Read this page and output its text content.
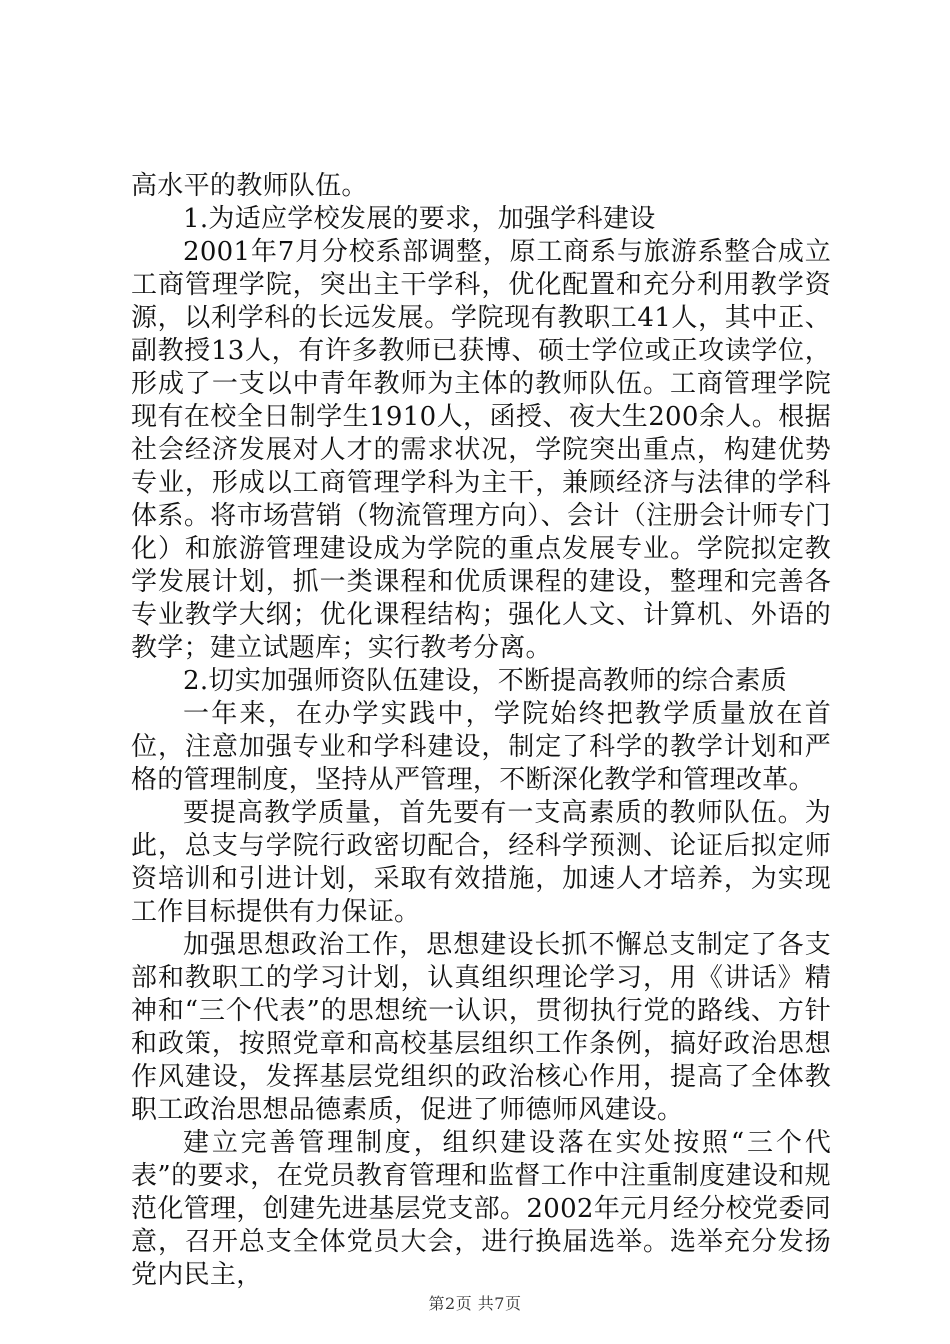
高水平的教师队伍。

1.为适应学校发展的要求，加强学科建设

2001年7月分校系部调整，原工商系与旅游系整合成立工商管理学院，突出主干学科，优化配置和充分利用教学资源，以利学科的长远发展。学院现有教职工41人，其中正、副教授13人，有许多教师已获博、硕士学位或正攻读学位，形成了一支以中青年教师为主体的教师队伍。工商管理学院现有在校全日制学生1910人，函授、夜大生200余人。根据社会经济发展对人才的需求状况，学院突出重点，构建优势专业，形成以工商管理学科为主干，兼顾经济与法律的学科体系。将市场营销（物流管理方向）、会计（注册会计师专门化）和旅游管理建设成为学院的重点发展专业。学院拟定教学发展计划，抓一类课程和优质课程的建设，整理和完善各专业教学大纲；优化课程结构；强化人文、计算机、外语的教学；建立试题库；实行教考分离。

2.切实加强师资队伍建设，不断提高教师的综合素质

一年来，在办学实践中，学院始终把教学质量放在首位，注意加强专业和学科建设，制定了科学的教学计划和严格的管理制度，坚持从严管理，不断深化教学和管理改革。

要提高教学质量，首先要有一支高素质的教师队伍。为此，总支与学院行政密切配合，经科学预测、论证后拟定师资培训和引进计划，采取有效措施，加速人才培养，为实现工作目标提供有力保证。

加强思想政治工作，思想建设长抓不懈总支制定了各支部和教职工的学习计划，认真组织理论学习，用《讲话》精神和“三个代表”的思想统一认识，贯彻执行党的路线、方针和政策，按照党章和高校基层组织工作条例，搞好政治思想作风建设，发挥基层党组织的政治核心作用，提高了全体教职工政治思想品德素质，促进了师德师风建设。

建立完善管理制度，组织建设落在实处按照“三个代表”的要求，在党员教育管理和监督工作中注重制度建设和规范化管理，创建先进基层党支部。2002年元月经分校党委同意，召开总支全体党员大会，进行换届选举。选举充分发扬党内民主，

第2页 共7页
